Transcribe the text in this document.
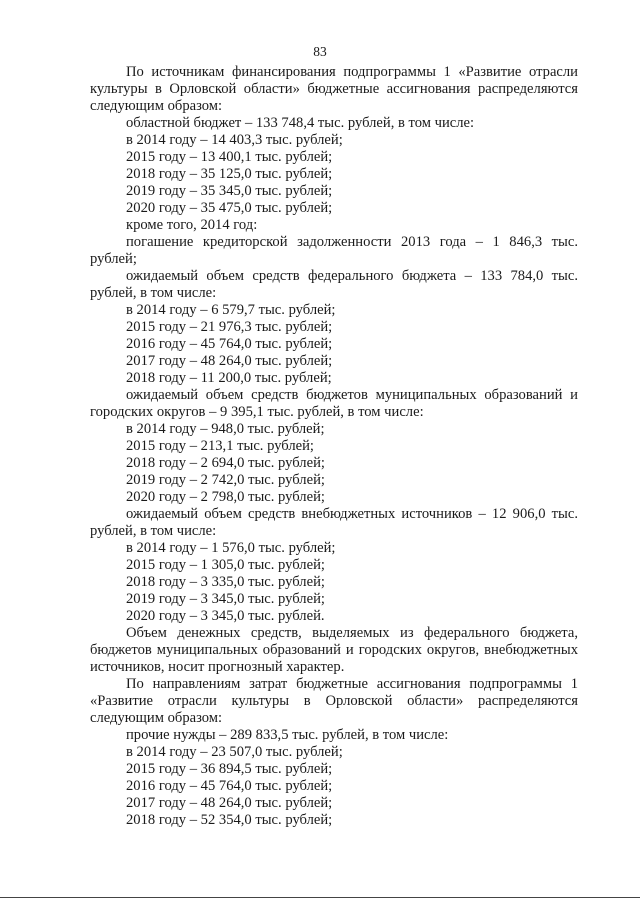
83

По источникам финансирования подпрограммы 1 «Развитие отрасли культуры в Орловской области» бюджетные ассигнования распределяются следующим образом:

областной бюджет – 133 748,4 тыс. рублей, в том числе:
в 2014 году – 14 403,3 тыс. рублей;
2015 году – 13 400,1 тыс. рублей;
2018 году – 35 125,0 тыс. рублей;
2019 году – 35 345,0 тыс. рублей;
2020 году – 35 475,0 тыс. рублей;
кроме того, 2014 год:

погашение кредиторской задолженности 2013 года – 1 846,3 тыс. рублей;

ожидаемый объем средств федерального бюджета – 133 784,0 тыс. рублей, в том числе:

в 2014 году – 6 579,7 тыс. рублей;
2015 году – 21 976,3 тыс. рублей;
2016 году – 45 764,0 тыс. рублей;
2017 году – 48 264,0 тыс. рублей;
2018 году – 11 200,0 тыс. рублей;

ожидаемый объем средств бюджетов муниципальных образований и городских округов – 9 395,1 тыс. рублей, в том числе:

в 2014 году – 948,0 тыс. рублей;
2015 году – 213,1 тыс. рублей;
2018 году – 2 694,0 тыс. рублей;
2019 году – 2 742,0 тыс. рублей;
2020 году – 2 798,0 тыс. рублей;

ожидаемый объем средств внебюджетных источников – 12 906,0 тыс. рублей, в том числе:

в 2014 году – 1 576,0 тыс. рублей;
2015 году – 1 305,0 тыс. рублей;
2018 году – 3 335,0 тыс. рублей;
2019 году – 3 345,0 тыс. рублей;
2020 году – 3 345,0 тыс. рублей.

Объем денежных средств, выделяемых из федерального бюджета, бюджетов муниципальных образований и городских округов, внебюджетных источников, носит прогнозный характер.

По направлениям затрат бюджетные ассигнования подпрограммы 1 «Развитие отрасли культуры в Орловской области» распределяются следующим образом:

прочие нужды – 289 833,5 тыс. рублей, в том числе:
в 2014 году – 23 507,0 тыс. рублей;
2015 году – 36 894,5 тыс. рублей;
2016 году – 45 764,0 тыс. рублей;
2017 году – 48 264,0 тыс. рублей;
2018 году – 52 354,0 тыс. рублей;
